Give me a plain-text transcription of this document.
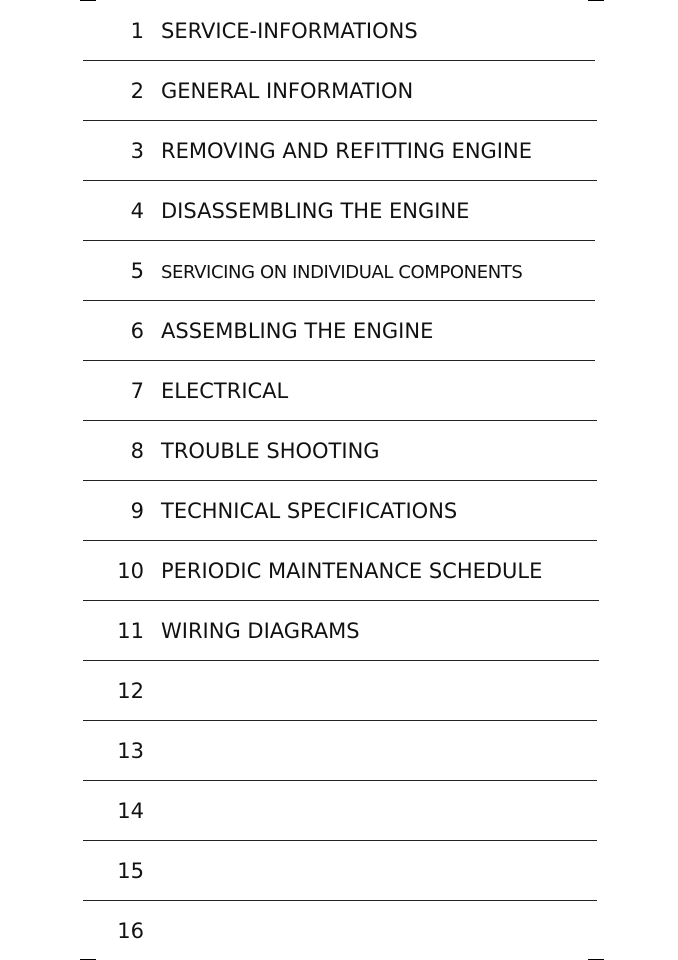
1 SERVICE-INFORMATIONS
2 GENERAL INFORMATION
3 REMOVING AND REFITTING ENGINE
4 DISASSEMBLING THE ENGINE
5 SERVICING ON INDIVIDUAL COMPONENTS
6 ASSEMBLING THE ENGINE
7 ELECTRICAL
8 TROUBLE SHOOTING
9 TECHNICAL SPECIFICATIONS
10 PERIODIC MAINTENANCE SCHEDULE
11 WIRING DIAGRAMS
12
13
14
15
16
